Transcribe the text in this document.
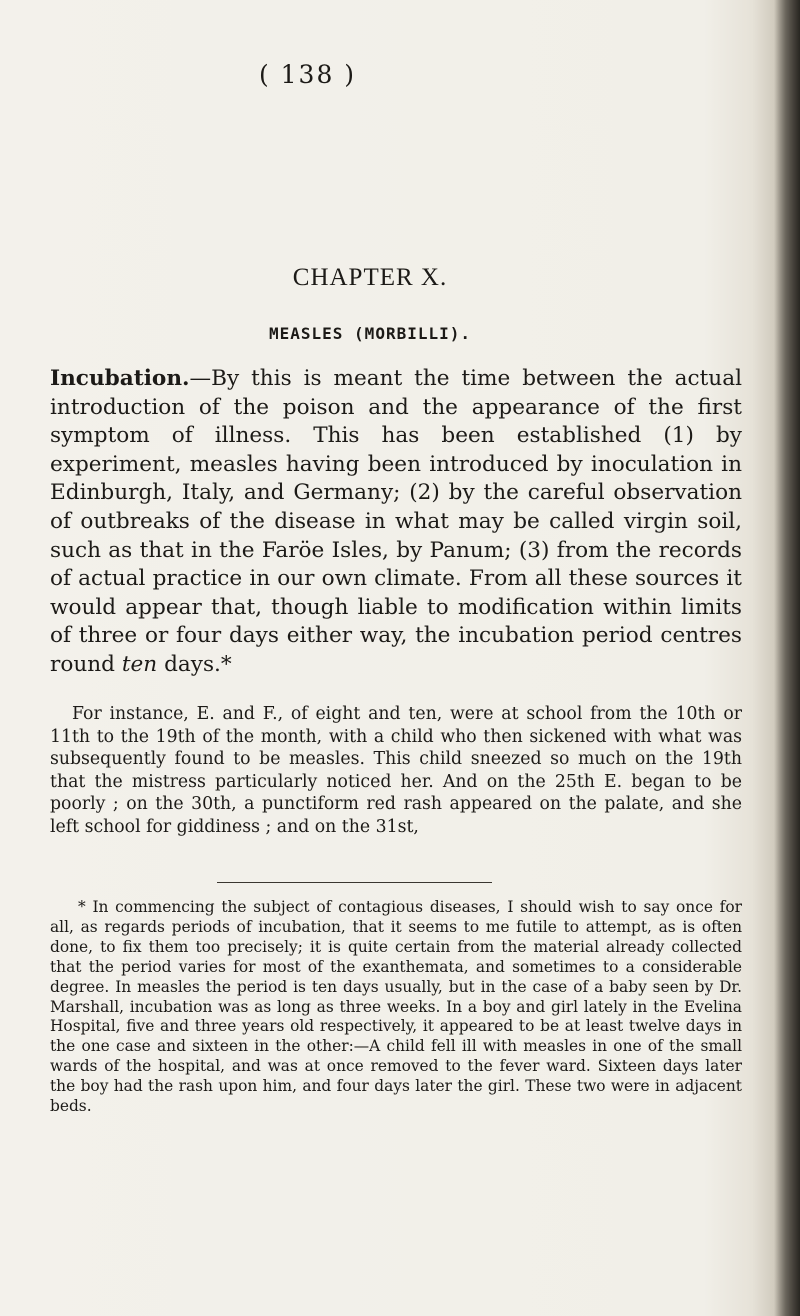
( 138 )
CHAPTER X.
MEASLES (MORBILLI).
Incubation.—By this is meant the time between the actual introduction of the poison and the appearance of the first symptom of illness. This has been established (1) by experiment, measles having been introduced by inoculation in Edinburgh, Italy, and Germany; (2) by the careful observation of outbreaks of the disease in what may be called virgin soil, such as that in the Faröe Isles, by Panum; (3) from the records of actual practice in our own climate. From all these sources it would appear that, though liable to modification within limits of three or four days either way, the incubation period centres round ten days.*
For instance, E. and F., of eight and ten, were at school from the 10th or 11th to the 19th of the month, with a child who then sickened with what was subsequently found to be measles. This child sneezed so much on the 19th that the mistress particularly noticed her. And on the 25th E. began to be poorly ; on the 30th, a punctiform red rash appeared on the palate, and she left school for giddiness ; and on the 31st,
* In commencing the subject of contagious diseases, I should wish to say once for all, as regards periods of incubation, that it seems to me futile to attempt, as is often done, to fix them too precisely; it is quite certain from the material already collected that the period varies for most of the exanthemata, and sometimes to a considerable degree. In measles the period is ten days usually, but in the case of a baby seen by Dr. Marshall, incubation was as long as three weeks. In a boy and girl lately in the Evelina Hospital, five and three years old respectively, it appeared to be at least twelve days in the one case and sixteen in the other:—A child fell ill with measles in one of the small wards of the hospital, and was at once removed to the fever ward. Sixteen days later the boy had the rash upon him, and four days later the girl. These two were in adjacent beds.
